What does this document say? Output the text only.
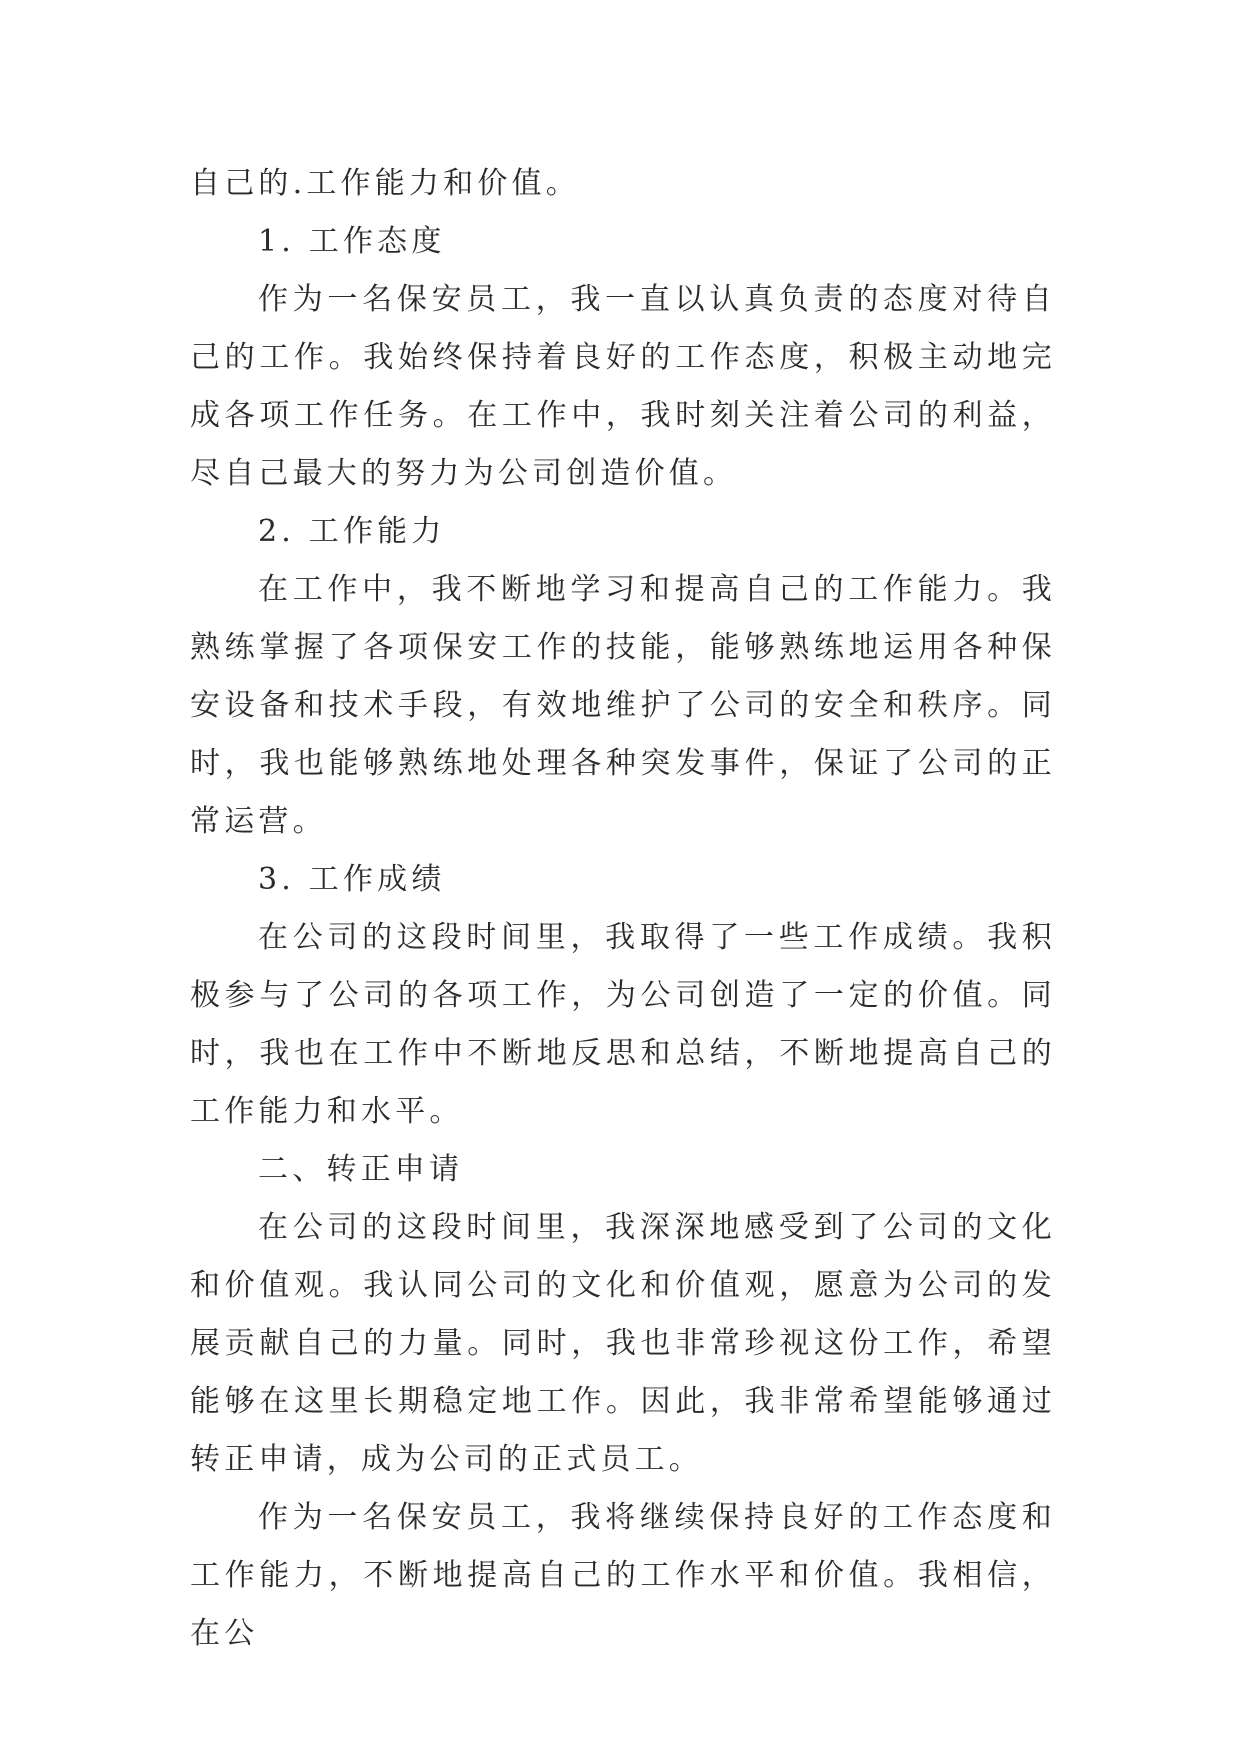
自己的.工作能力和价值。

1. 工作态度

作为一名保安员工，我一直以认真负责的态度对待自己的工作。我始终保持着良好的工作态度，积极主动地完成各项工作任务。在工作中，我时刻关注着公司的利益，尽自己最大的努力为公司创造价值。

2. 工作能力

在工作中，我不断地学习和提高自己的工作能力。我熟练掌握了各项保安工作的技能，能够熟练地运用各种保安设备和技术手段，有效地维护了公司的安全和秩序。同时，我也能够熟练地处理各种突发事件，保证了公司的正常运营。

3. 工作成绩

在公司的这段时间里，我取得了一些工作成绩。我积极参与了公司的各项工作，为公司创造了一定的价值。同时，我也在工作中不断地反思和总结，不断地提高自己的工作能力和水平。

二、转正申请

在公司的这段时间里，我深深地感受到了公司的文化和价值观。我认同公司的文化和价值观，愿意为公司的发展贡献自己的力量。同时，我也非常珍视这份工作，希望能够在这里长期稳定地工作。因此，我非常希望能够通过转正申请，成为公司的正式员工。

作为一名保安员工，我将继续保持良好的工作态度和工作能力，不断地提高自己的工作水平和价值。我相信，在公
